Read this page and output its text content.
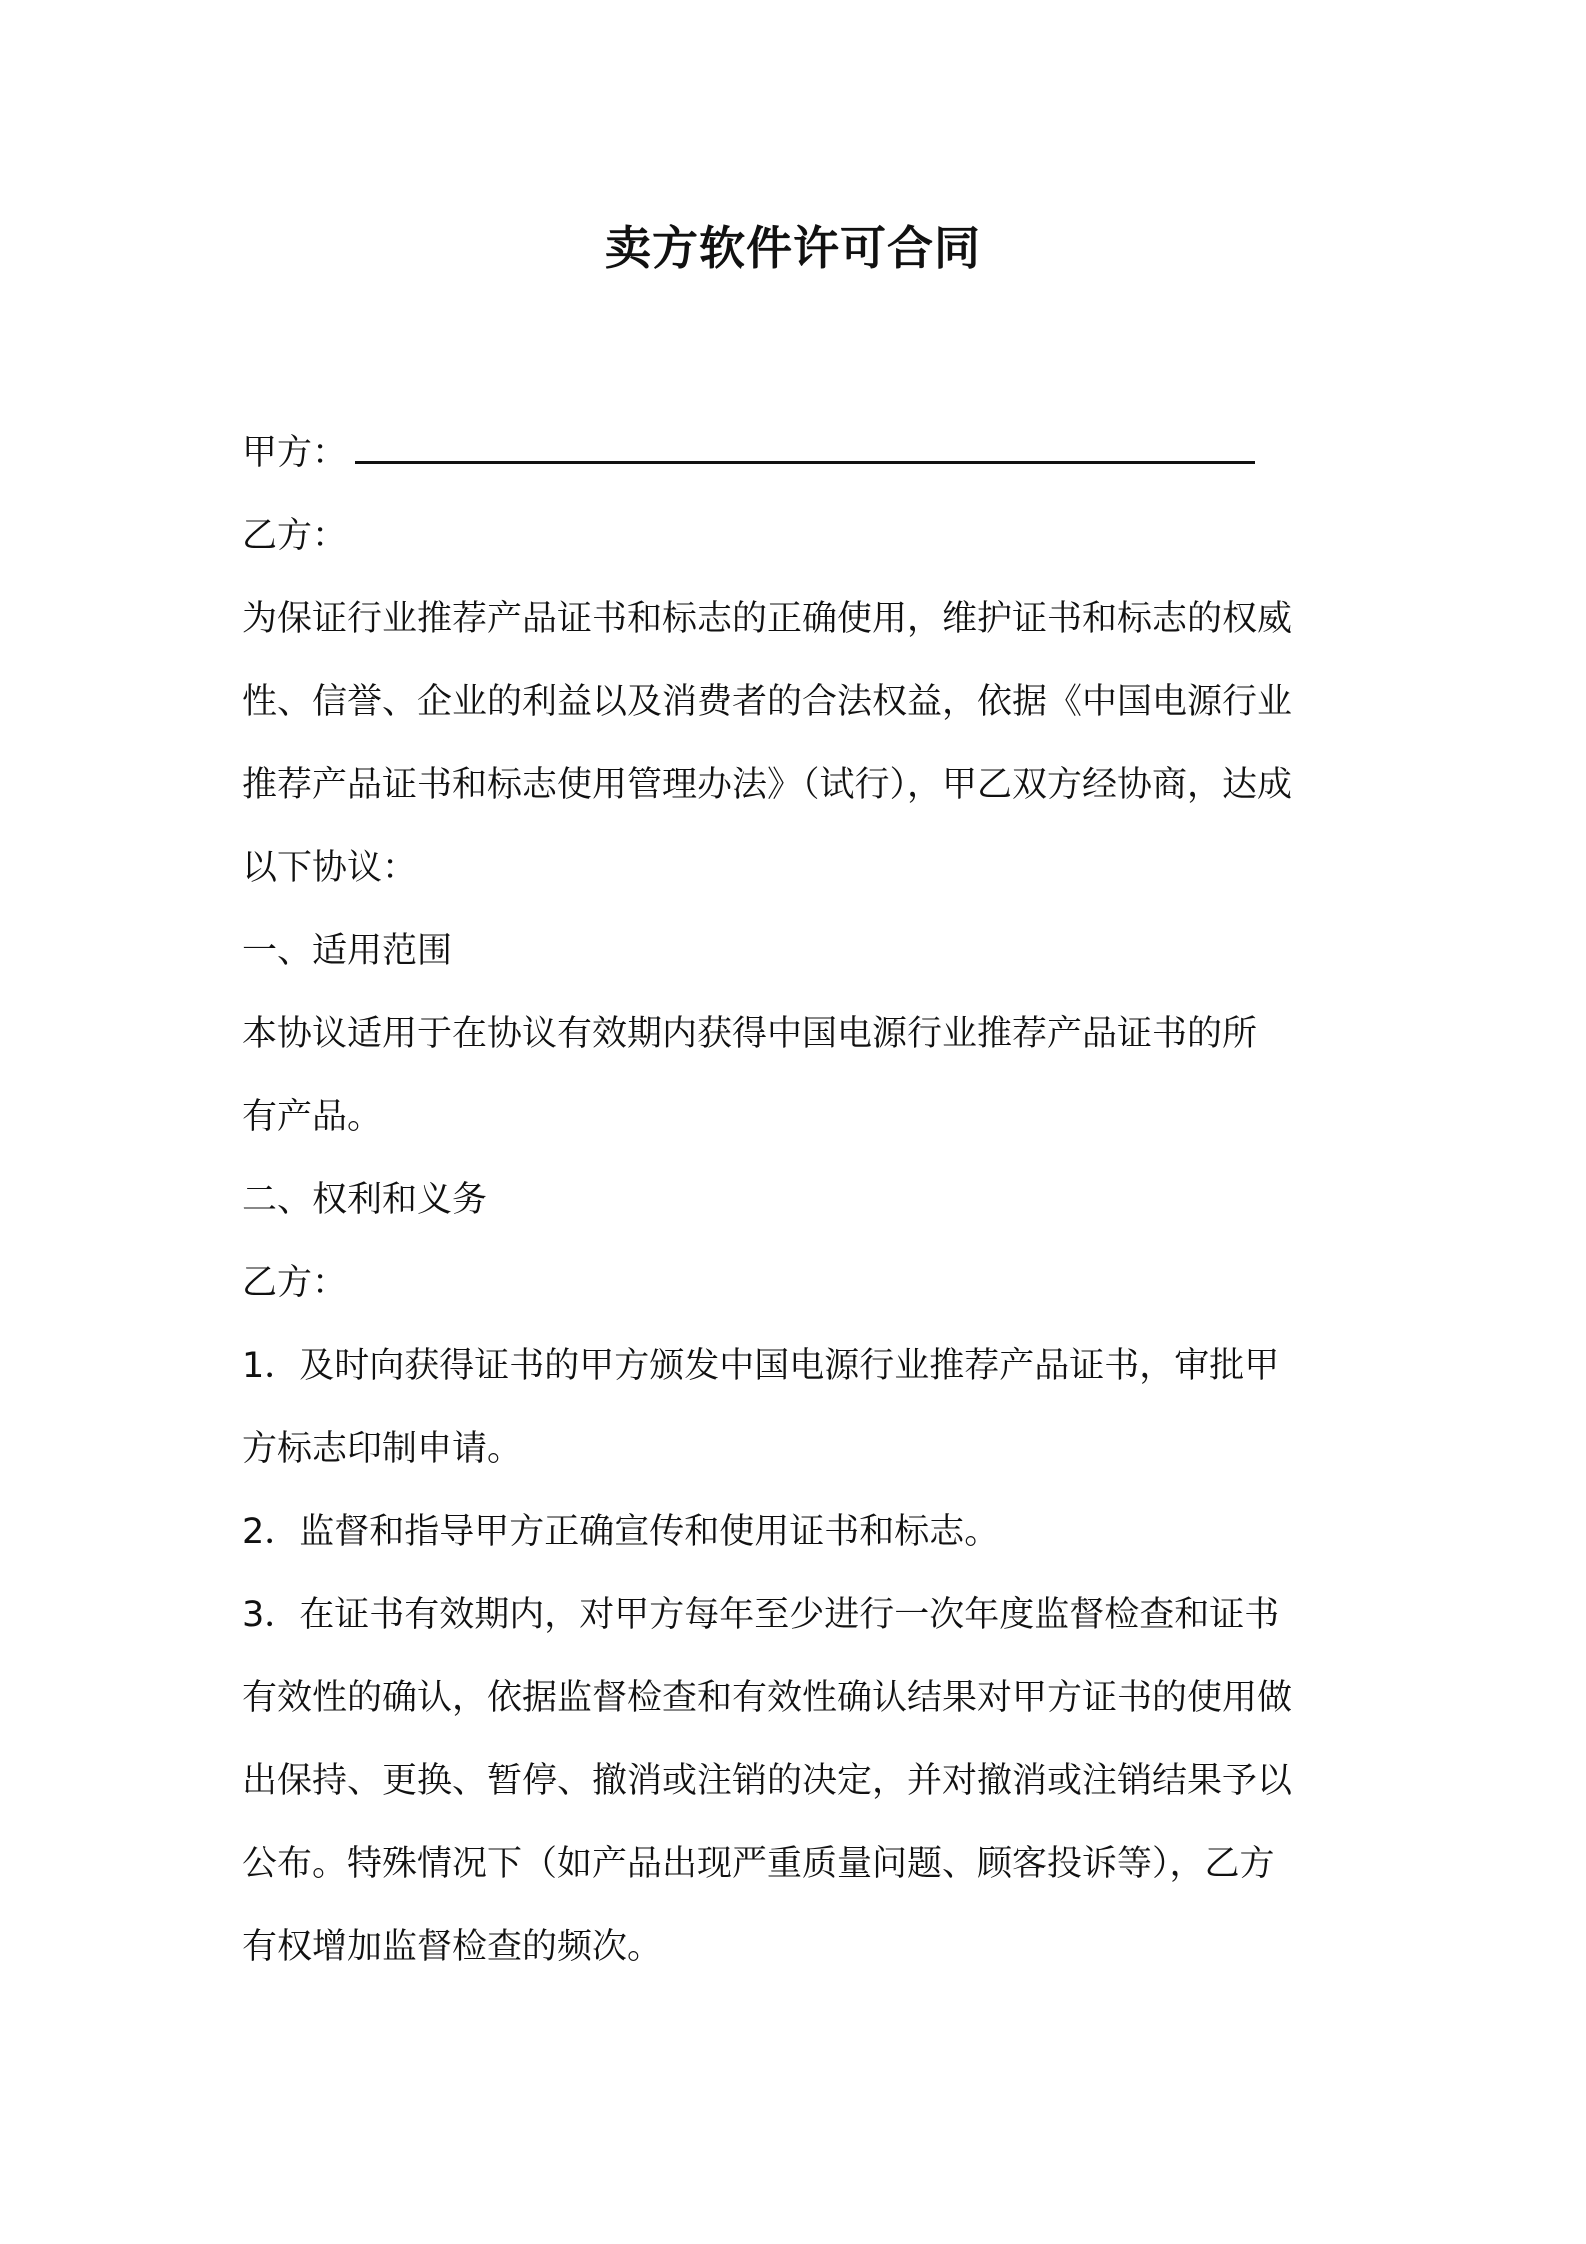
卖方软件许可合同
甲方：
乙方：
为保证行业推荐产品证书和标志的正确使用，维护证书和标志的权威
性、信誉、企业的利益以及消费者的合法权益，依据《中国电源行业
推荐产品证书和标志使用管理办法》（试行），甲乙双方经协商，达成
以下协议：
一、适用范围
本协议适用于在协议有效期内获得中国电源行业推荐产品证书的所
有产品。
二、权利和义务
乙方：
1．及时向获得证书的甲方颁发中国电源行业推荐产品证书，审批甲
方标志印制申请。
2．监督和指导甲方正确宣传和使用证书和标志。
3．在证书有效期内，对甲方每年至少进行一次年度监督检查和证书
有效性的确认，依据监督检查和有效性确认结果对甲方证书的使用做
出保持、更换、暂停、撤消或注销的决定，并对撤消或注销结果予以
公布。特殊情况下（如产品出现严重质量问题、顾客投诉等），乙方
有权增加监督检查的频次。
